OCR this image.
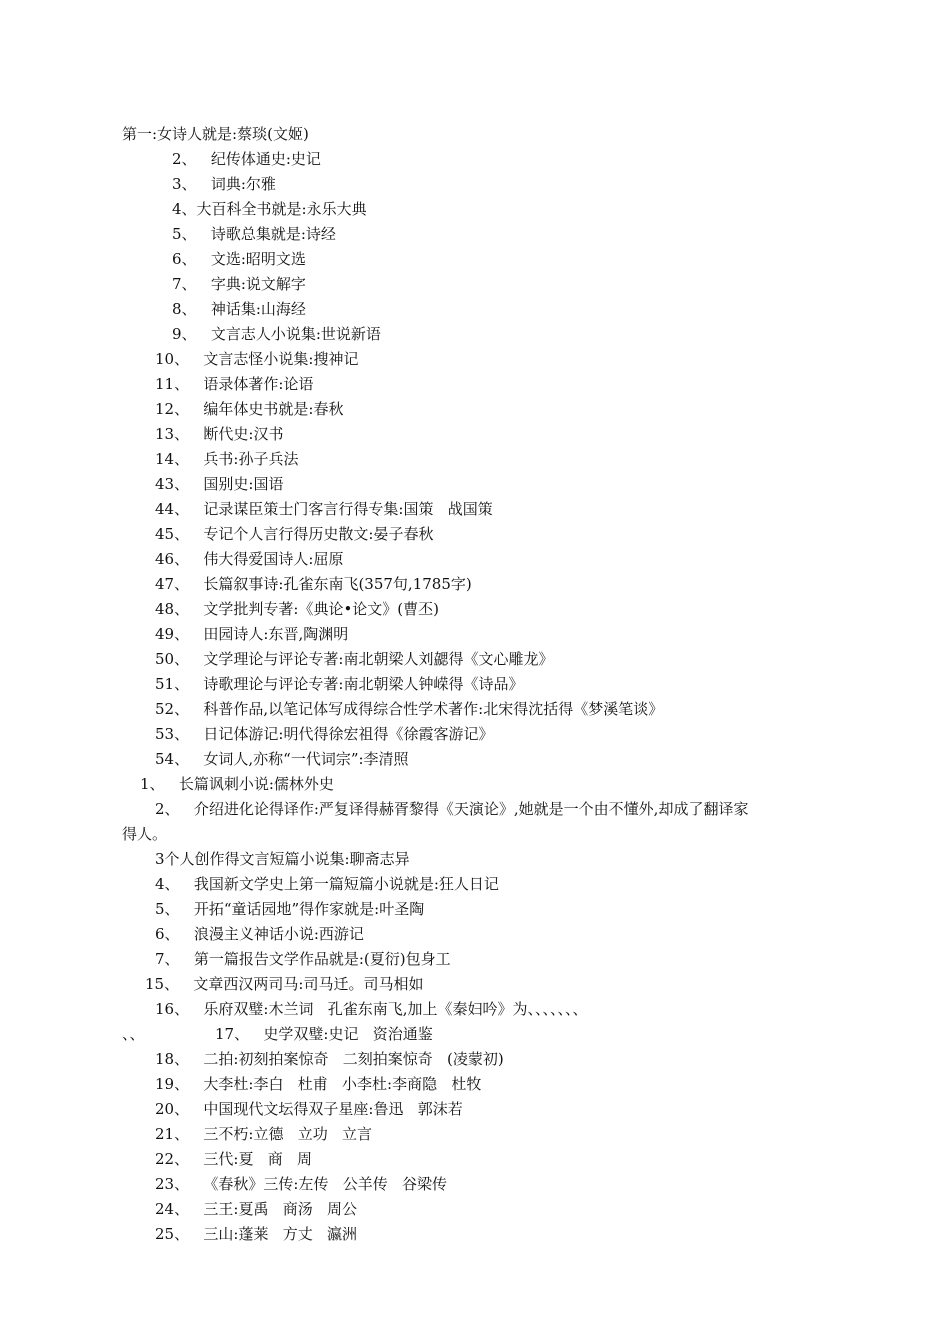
第一:女诗人就是:蔡琰(文姬)
2、   纪传体通史:史记
3、   词典:尔雅
4、大百科全书就是:永乐大典
5、   诗歌总集就是:诗经
6、   文选:昭明文选
7、   字典:说文解字
8、   神话集:山海经
9、   文言志人小说集:世说新语
10、   文言志怪小说集:搜神记
11、   语录体著作:论语
12、   编年体史书就是:春秋
13、   断代史:汉书
14、   兵书:孙子兵法
43、   国别史:国语
44、   记录谋臣策士门客言行得专集:国策   战国策
45、   专记个人言行得历史散文:晏子春秋
46、   伟大得爱国诗人:屈原
47、   长篇叙事诗:孔雀东南飞(357句,1785字)
48、   文学批判专著:《典论•论文》(曹丕)
49、   田园诗人:东晋,陶渊明
50、   文学理论与评论专著:南北朝梁人刘勰得《文心雕龙》
51、   诗歌理论与评论专著:南北朝梁人钟嵘得《诗品》
52、   科普作品,以笔记体写成得综合性学术著作:北宋得沈括得《梦溪笔谈》
53、   日记体游记:明代得徐宏祖得《徐霞客游记》
54、   女词人,亦称“一代词宗”:李清照
1、   长篇讽刺小说:儒林外史
2、   介绍进化论得译作:严复译得赫胥黎得《天演论》,她就是一个由不懂外,却成了翻译家
得人。
3个人创作得文言短篇小说集:聊斋志异
4、   我国新文学史上第一篇短篇小说就是:狂人日记
5、   开拓“童话园地”得作家就是:叶圣陶
6、   浪漫主义神话小说:西游记
7、   第一篇报告文学作品就是:(夏衍)包身工
15、   文章西汉两司马:司马迁。司马相如
16、   乐府双璧:木兰词   孔雀东南飞,加上《秦妇吟》为、、、、、、、
、、	17、   史学双璧:史记   资治通鉴
18、   二拍:初刻拍案惊奇   二刻拍案惊奇   (凌蒙初)
19、   大李杜:李白   杜甫   小李杜:李商隐   杜牧
20、   中国现代文坛得双子星座:鲁迅   郭沫若
21、   三不朽:立德   立功   立言
22、   三代:夏   商   周
23、   《春秋》三传:左传   公羊传   谷梁传
24、   三王:夏禹   商汤   周公
25、   三山:蓬莱   方丈   瀛洲
